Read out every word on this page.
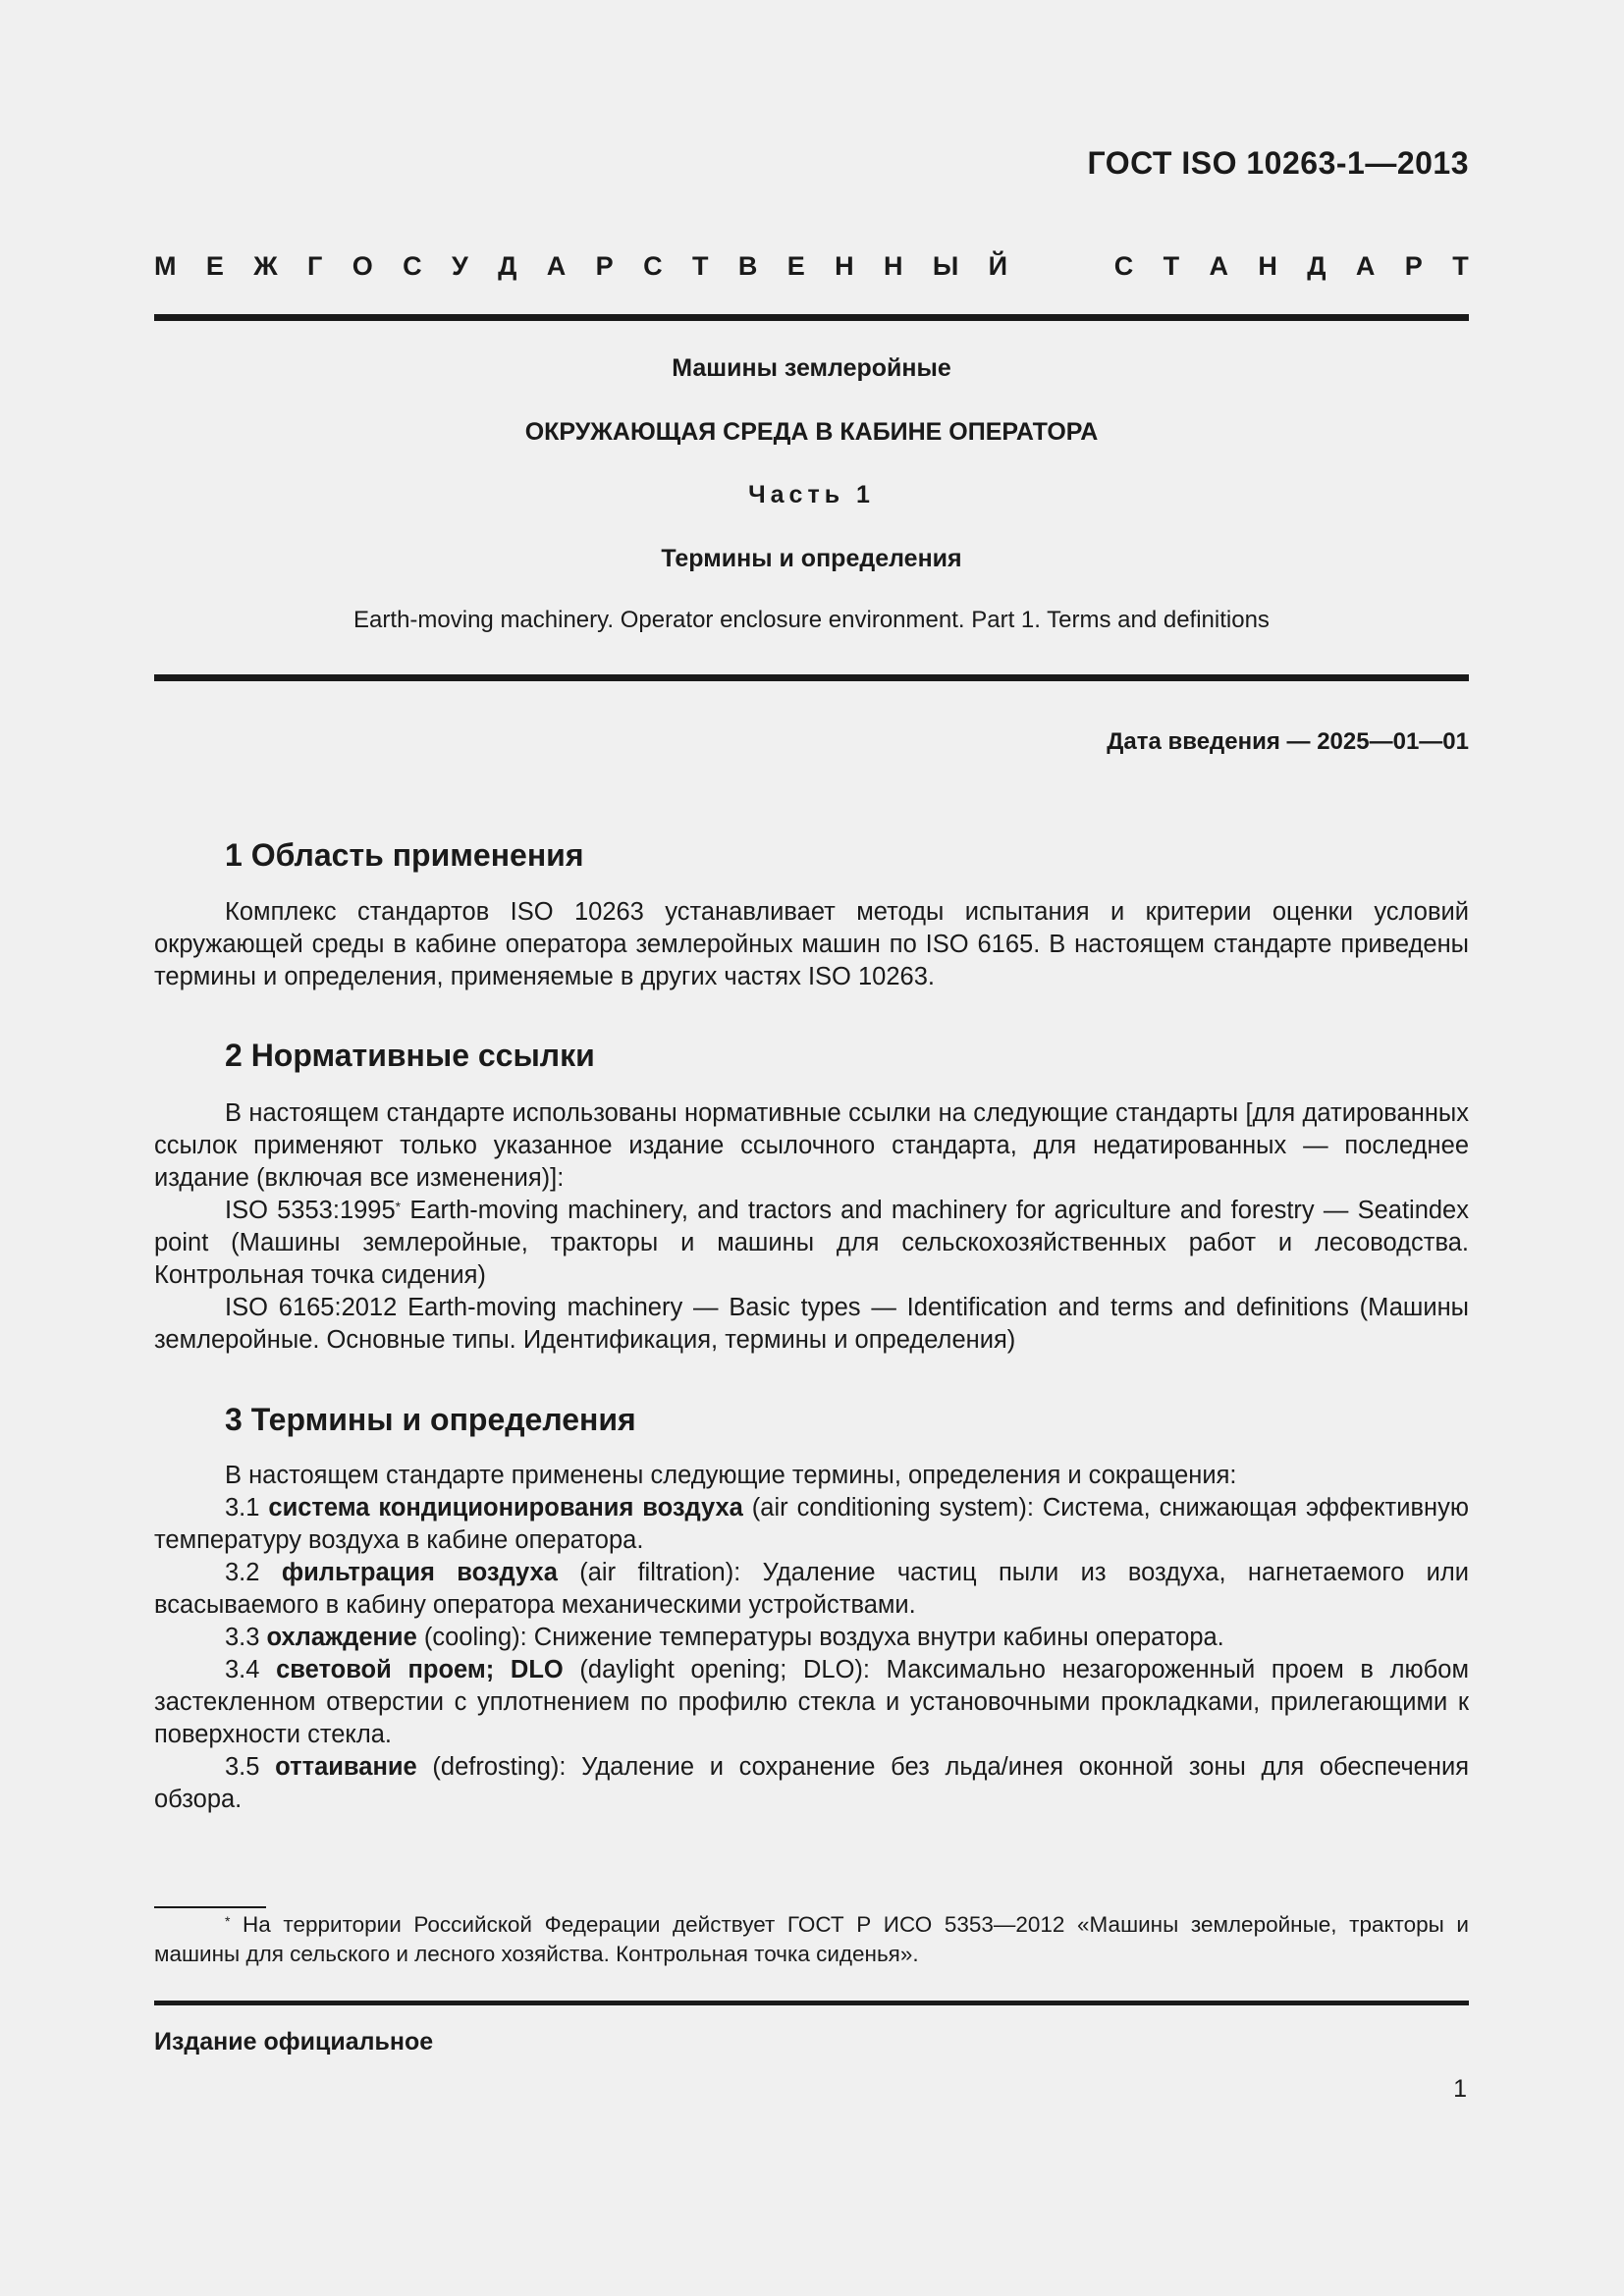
ГОСТ ISO 10263-1—2013
М Е Ж Г О С У Д А Р С Т В Е Н Н Ы Й	С Т А Н Д А Р Т
Машины землеройные
ОКРУЖАЮЩАЯ СРЕДА В КАБИНЕ ОПЕРАТОРА
Часть 1
Термины и определения
Earth-moving machinery. Operator enclosure environment. Part 1. Terms and definitions
Дата введения — 2025—01—01
1 Область применения

Комплекс стандартов ISO 10263 устанавливает методы испытания и критерии оценки условий окружающей среды в кабине оператора землеройных машин по ISO 6165. В настоящем стандарте приведены термины и определения, применяемые в других частях ISO 10263.

2 Нормативные ссылки

В настоящем стандарте использованы нормативные ссылки на следующие стандарты [для датированных ссылок применяют только указанное издание ссылочного стандарта, для недатированных — последнее издание (включая все изменения)]:

ISO 5353:1995* Earth-moving machinery, and tractors and machinery for agriculture and forestry — Seatindex point (Машины землеройные, тракторы и машины для сельскохозяйственных работ и лесоводства. Контрольная точка сидения)

ISO 6165:2012 Earth-moving machinery — Basic types — Identification and terms and definitions (Машины землеройные. Основные типы. Идентификация, термины и определения)

3 Термины и определения

В настоящем стандарте применены следующие термины, определения и сокращения:

3.1 система кондиционирования воздуха (air conditioning system): Система, снижающая эффективную температуру воздуха в кабине оператора.

3.2 фильтрация воздуха (air filtration): Удаление частиц пыли из воздуха, нагнетаемого или всасываемого в кабину оператора механическими устройствами.

3.3 охлаждение (cooling): Снижение температуры воздуха внутри кабины оператора.

3.4 световой проем; DLO (daylight opening; DLO): Максимально незагороженный проем в любом застекленном отверстии с уплотнением по профилю стекла и установочными прокладками, прилегающими к поверхности стекла.

3.5 оттаивание (defrosting): Удаление и сохранение без льда/инея оконной зоны для обеспечения обзора.

* На территории Российской Федерации действует ГОСТ Р ИСО 5353—2012 «Машины землеройные, тракторы и машины для сельского и лесного хозяйства. Контрольная точка сиденья».

Издание официальное
1
